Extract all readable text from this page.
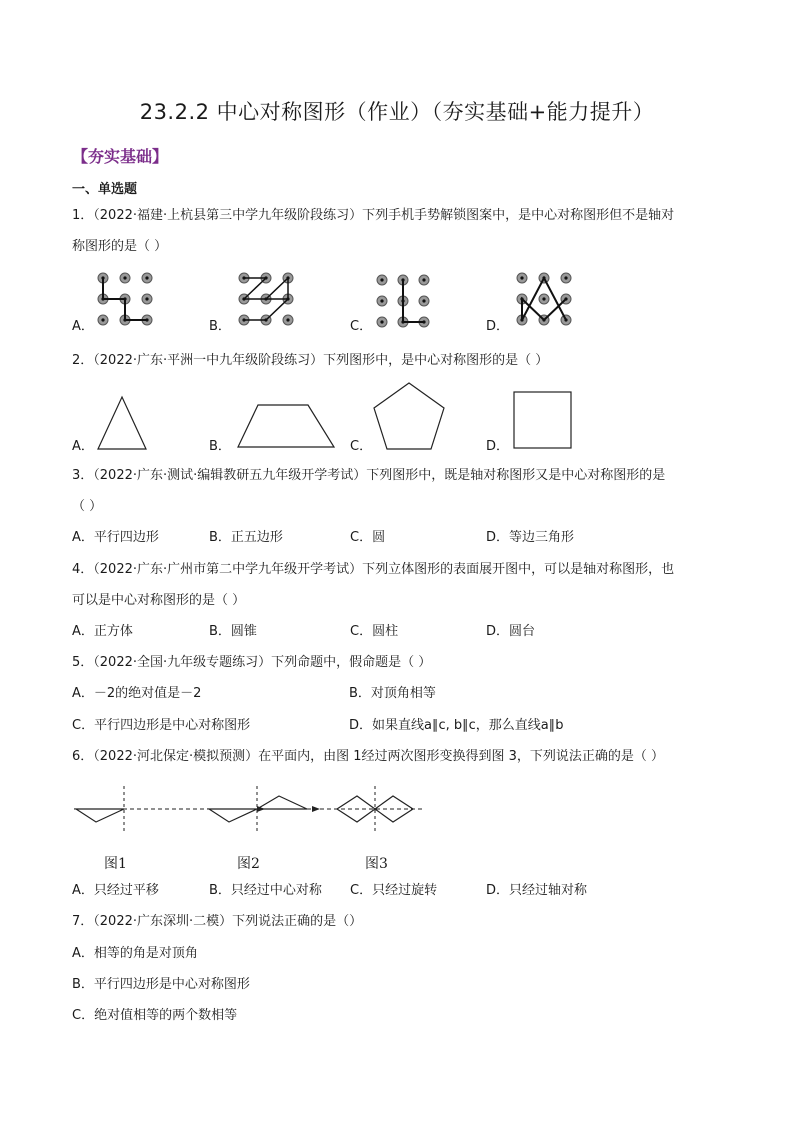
23.2.2 中心对称图形（作业）（夯实基础+能力提升）
【夯实基础】
一、单选题
1．（2022·福建·上杭县第三中学九年级阶段练习）下列手机手势解锁图案中，是中心对称图形但不是轴对
称图形的是（ ）
A．	B．	C．	D．
2．（2022·广东·平洲一中九年级阶段练习）下列图形中，是中心对称图形的是（ ）
A．	B．	C．	D．
3．（2022·广东·测试·编辑教研五九年级开学考试）下列图形中，既是轴对称图形又是中心对称图形的是
（ ）
A．平行四边形	B．正五边形	C．圆	D．等边三角形
4．（2022·广东·广州市第二中学九年级开学考试）下列立体图形的表面展开图中，可以是轴对称图形，也
可以是中心对称图形的是（ ）
A．正方体	B．圆锥	C．圆柱	D．圆台
5．（2022·全国·九年级专题练习）下列命题中，假命题是（ ）
A．－2的绝对值是－2	B．对顶角相等
C．平行四边形是中心对称图形	D．如果直线a∥c, b∥c，那么直线a∥b
6．（2022·河北保定·模拟预测）在平面内，由图 1经过两次图形变换得到图 3，下列说法正确的是（ ）
图1	图2	图3
A．只经过平移	B．只经过中心对称 C．只经过旋转	D．只经过轴对称
7．（2022·广东深圳·二模）下列说法正确的是（）
A．相等的角是对顶角
B．平行四边形是中心对称图形
C．绝对值相等的两个数相等
